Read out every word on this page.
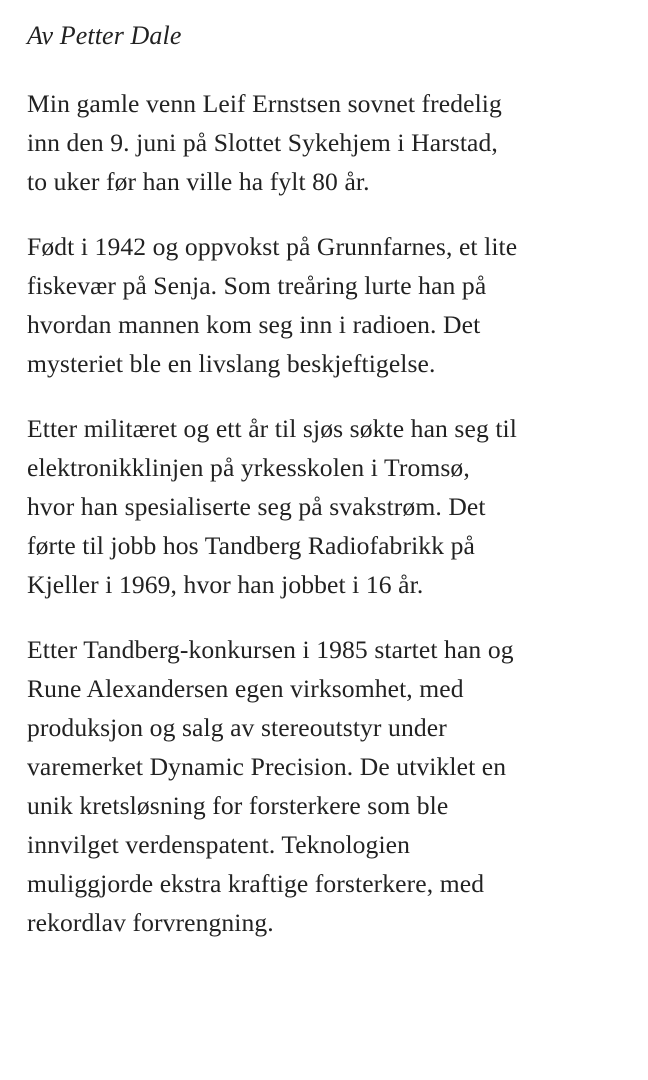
Av Petter Dale

Min gamle venn Leif Ernstsen sovnet fredelig
inn den 9. juni på Slottet Sykehjem i Harstad,
to uker før han ville ha fylt 80 år.

Født i 1942 og oppvokst på Grunnfarnes, et lite
fiskevær på Senja. Som treåring lurte han på
hvordan mannen kom seg inn i radioen. Det
mysteriet ble en livslang beskjeftigelse.

Etter militæret og ett år til sjøs søkte han seg til
elektronikklinjen på yrkesskolen i Tromsø,
hvor han spesialiserte seg på svakstrøm. Det
førte til jobb hos Tandberg Radiofabrikk på
Kjeller i 1969, hvor han jobbet i 16 år.

Etter Tandberg-konkursen i 1985 startet han og
Rune Alexandersen egen virksomhet, med
produksjon og salg av stereoutstyr under
varemerket Dynamic Precision. De utviklet en
unik kretsløsning for forsterkere som ble
innvilget verdenspatent. Teknologien
muliggjorde ekstra kraftige forsterkere, med
rekordlav forvrengning.
